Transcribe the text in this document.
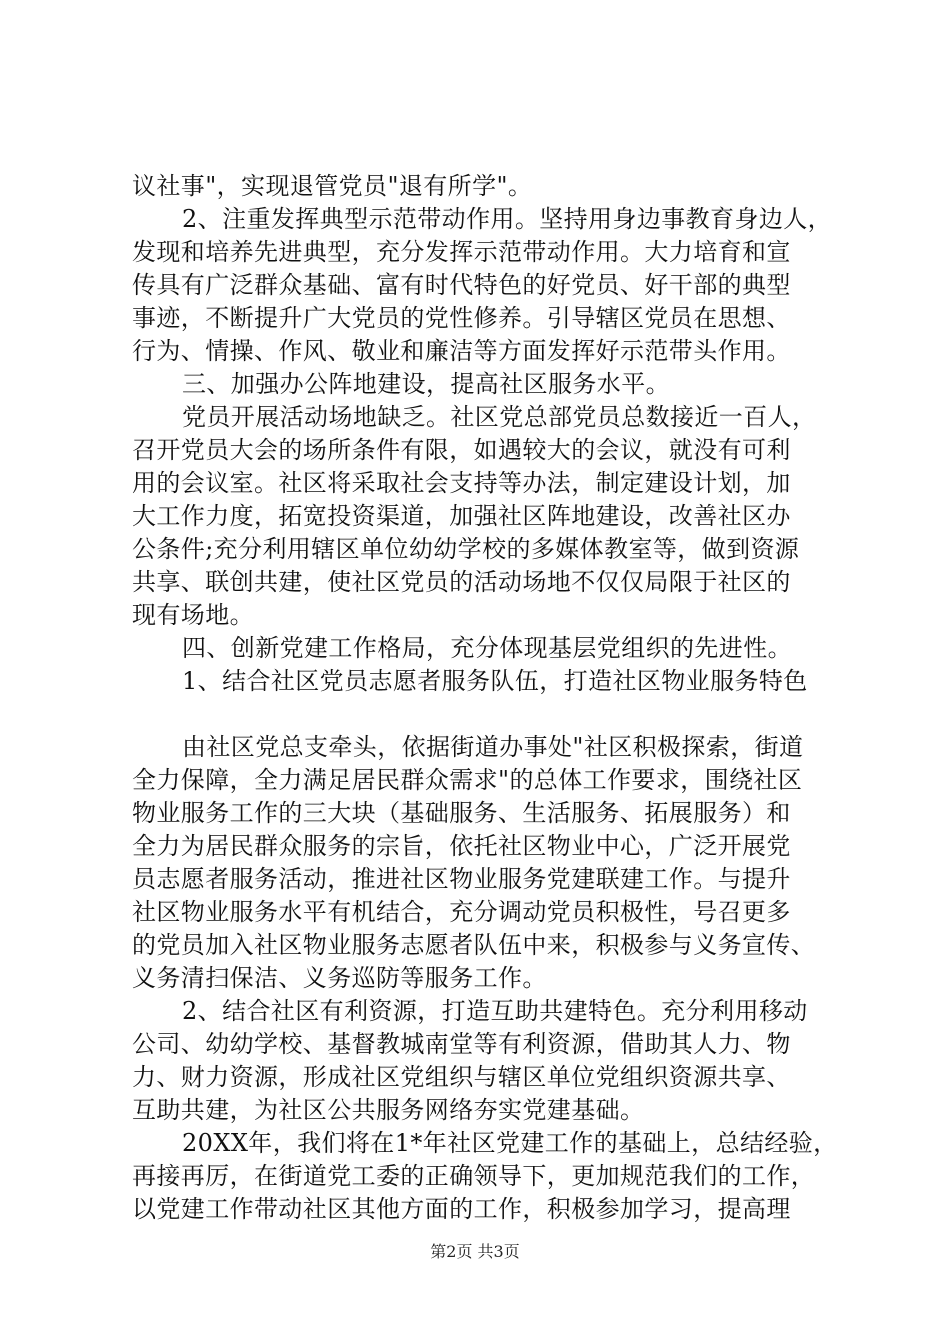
议社事"，实现退管党员"退有所学"。
2、注重发挥典型示范带动作用。坚持用身边事教育身边人，
发现和培养先进典型，充分发挥示范带动作用。大力培育和宣
传具有广泛群众基础、富有时代特色的好党员、好干部的典型
事迹，不断提升广大党员的党性修养。引导辖区党员在思想、
行为、情操、作风、敬业和廉洁等方面发挥好示范带头作用。
三、加强办公阵地建设，提高社区服务水平。
党员开展活动场地缺乏。社区党总部党员总数接近一百人，
召开党员大会的场所条件有限，如遇较大的会议，就没有可利
用的会议室。社区将采取社会支持等办法，制定建设计划，加
大工作力度，拓宽投资渠道，加强社区阵地建设，改善社区办
公条件;充分利用辖区单位幼幼学校的多媒体教室等，做到资源
共享、联创共建，使社区党员的活动场地不仅仅局限于社区的
现有场地。
四、创新党建工作格局，充分体现基层党组织的先进性。
1、结合社区党员志愿者服务队伍，打造社区物业服务特色
由社区党总支牵头，依据街道办事处"社区积极探索，街道
全力保障，全力满足居民群众需求"的总体工作要求，围绕社区
物业服务工作的三大块（基础服务、生活服务、拓展服务）和
全力为居民群众服务的宗旨，依托社区物业中心，广泛开展党
员志愿者服务活动，推进社区物业服务党建联建工作。与提升
社区物业服务水平有机结合，充分调动党员积极性，号召更多
的党员加入社区物业服务志愿者队伍中来，积极参与义务宣传、
义务清扫保洁、义务巡防等服务工作。
2、结合社区有利资源，打造互助共建特色。充分利用移动
公司、幼幼学校、基督教城南堂等有利资源，借助其人力、物
力、财力资源，形成社区党组织与辖区单位党组织资源共享、
互助共建，为社区公共服务网络夯实党建基础。
20XX年，我们将在1*年社区党建工作的基础上，总结经验，
再接再厉，在街道党工委的正确领导下，更加规范我们的工作，
以党建工作带动社区其他方面的工作，积极参加学习，提高理
第2页 共3页
